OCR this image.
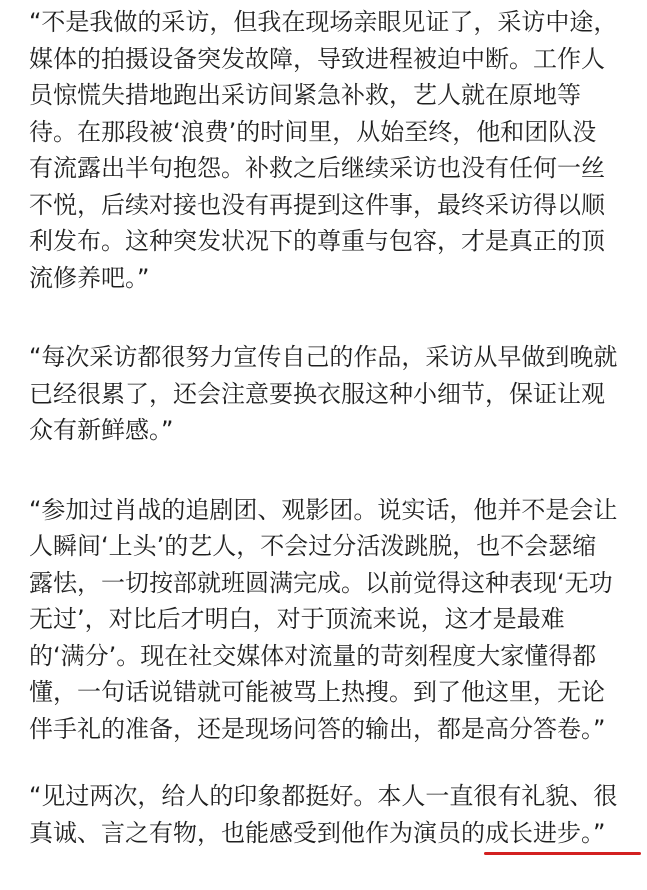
“不是我做的采访，但我在现场亲眼见证了，采访中途，
媒体的拍摄设备突发故障，导致进程被迫中断。工作人
员惊慌失措地跑出采访间紧急补救，艺人就在原地等
待。在那段被‘浪费’的时间里，从始至终，他和团队没
有流露出半句抱怨。补救之后继续采访也没有任何一丝
不悦，后续对接也没有再提到这件事，最终采访得以顺
利发布。这种突发状况下的尊重与包容，才是真正的顶
流修养吧。”

“每次采访都很努力宣传自己的作品，采访从早做到晚就
已经很累了，还会注意要换衣服这种小细节，保证让观
众有新鲜感。”

“参加过肖战的追剧团、观影团。说实话，他并不是会让
人瞬间‘上头’的艺人，不会过分活泼跳脱，也不会瑟缩
露怯，一切按部就班圆满完成。以前觉得这种表现‘无功
无过’，对比后才明白，对于顶流来说，这才是最难
的‘满分’。现在社交媒体对流量的苛刻程度大家懂得都
懂，一句话说错就可能被骂上热搜。到了他这里，无论
伴手礼的准备，还是现场问答的输出，都是高分答卷。”

“见过两次，给人的印象都挺好。本人一直很有礼貌、很
真诚、言之有物，也能感受到他作为演员的成长进步。”
